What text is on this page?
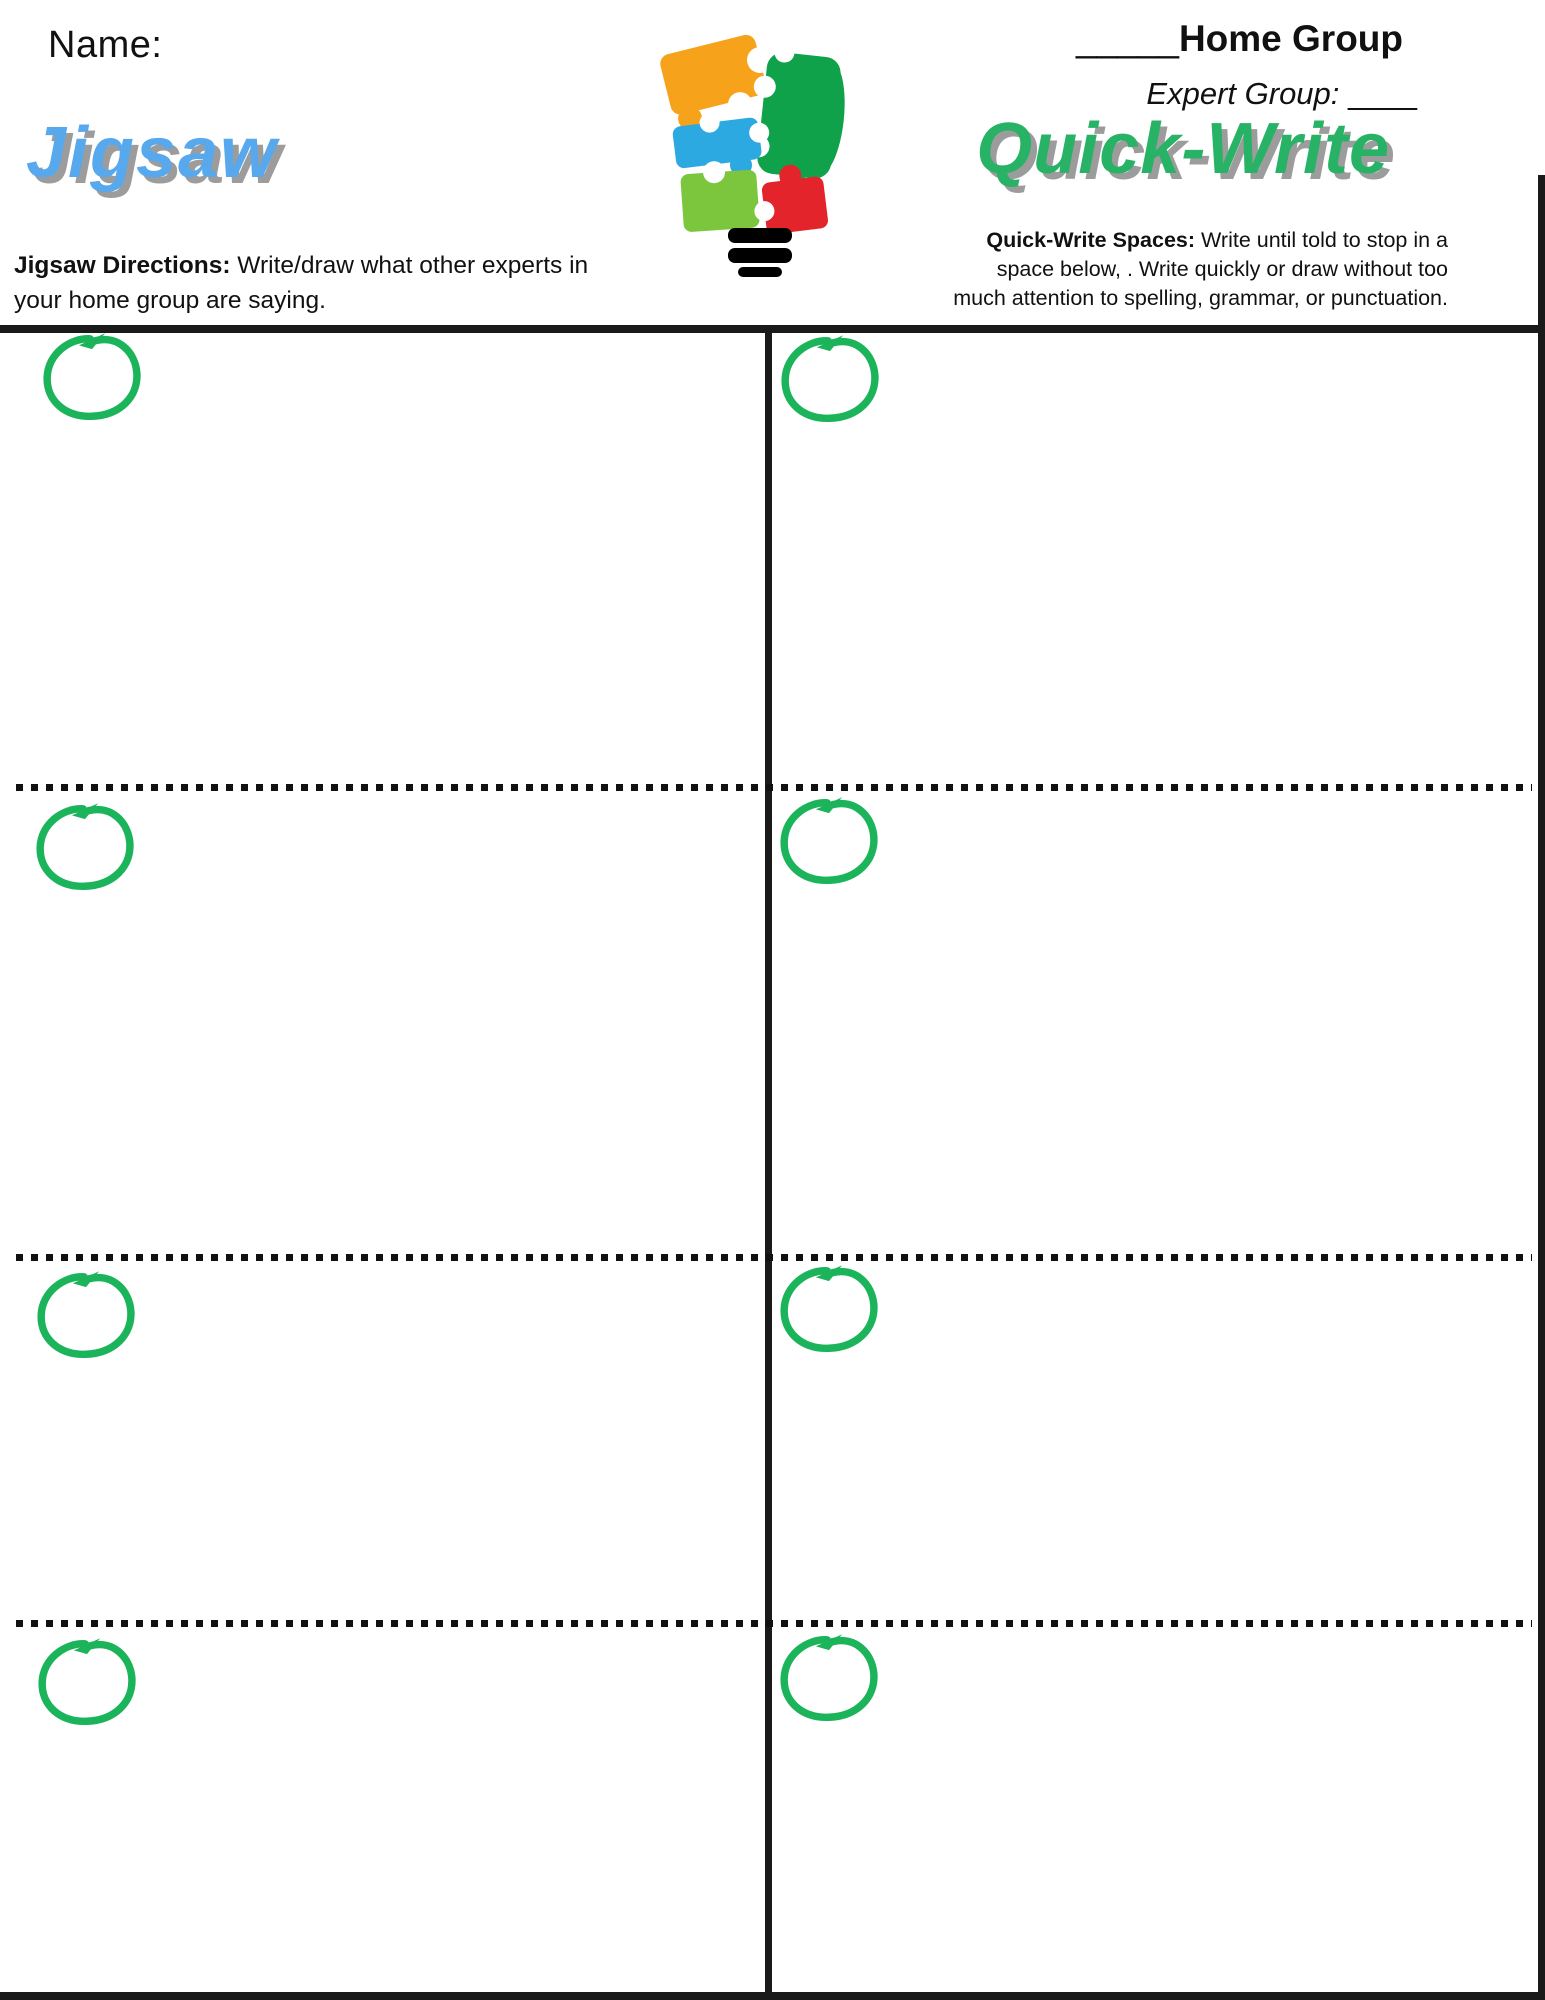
Name:
Jigsaw
Jigsaw Directions: Write/draw what other experts in
your home group are saying.
_____Home Group
Expert Group: ____
Quick-Write
Quick-Write Spaces: Write until told to stop in a
space below, . Write quickly or draw without too
much attention to spelling, grammar, or punctuation.
